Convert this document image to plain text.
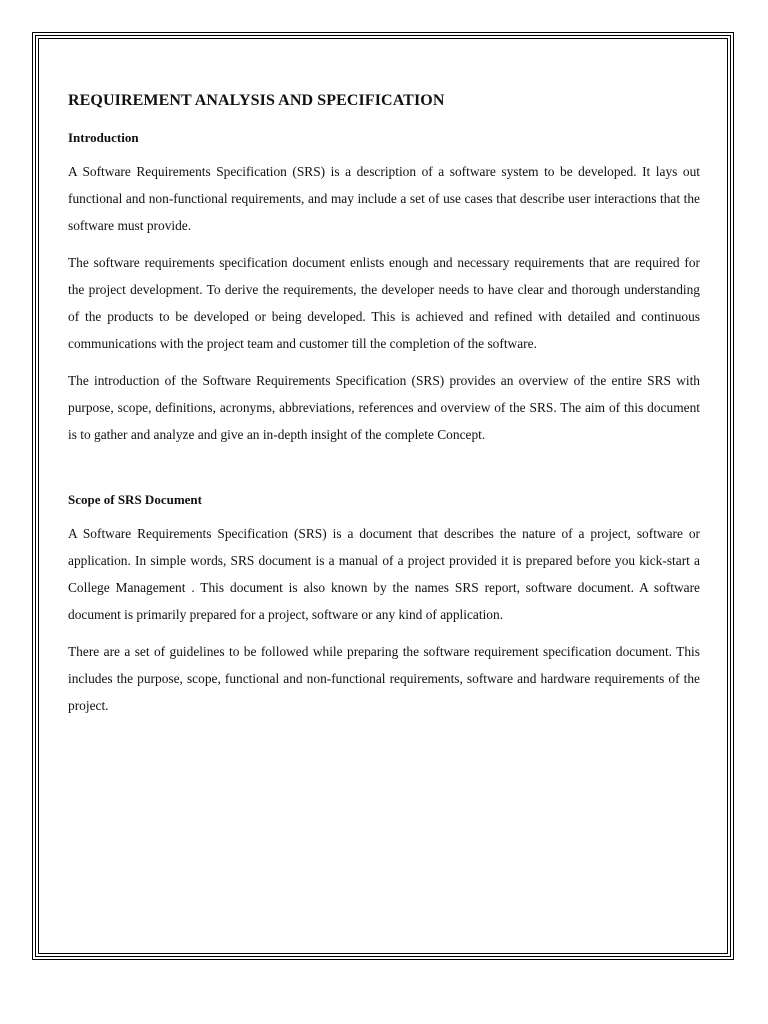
REQUIREMENT ANALYSIS AND SPECIFICATION
Introduction

A Software Requirements Specification (SRS) is a description of a software system to be developed. It lays out functional and non-functional requirements, and may include a set of use cases that describe user interactions that the software must provide.

The software requirements specification document enlists enough and necessary requirements that are required for the project development. To derive the requirements, the developer needs to have clear and thorough understanding of the products to be developed or being developed. This is achieved and refined with detailed and continuous communications with the project team and customer till the completion of the software.

The introduction of the Software Requirements Specification (SRS) provides an overview of the entire SRS with purpose, scope, definitions, acronyms, abbreviations, references and overview of the SRS. The aim of this document is to gather and analyze and give an in-depth insight of the complete Concept.

Scope of SRS Document

A Software Requirements Specification (SRS) is a document that describes the nature of a project, software or application. In simple words, SRS document is a manual of a project provided it is prepared before you kick-start a College Management . This document is also known by the names SRS report, software document. A software document is primarily prepared for a project, software or any kind of application.

There are a set of guidelines to be followed while preparing the software requirement specification document. This includes the purpose, scope, functional and non-functional requirements, software and hardware requirements of the project.
